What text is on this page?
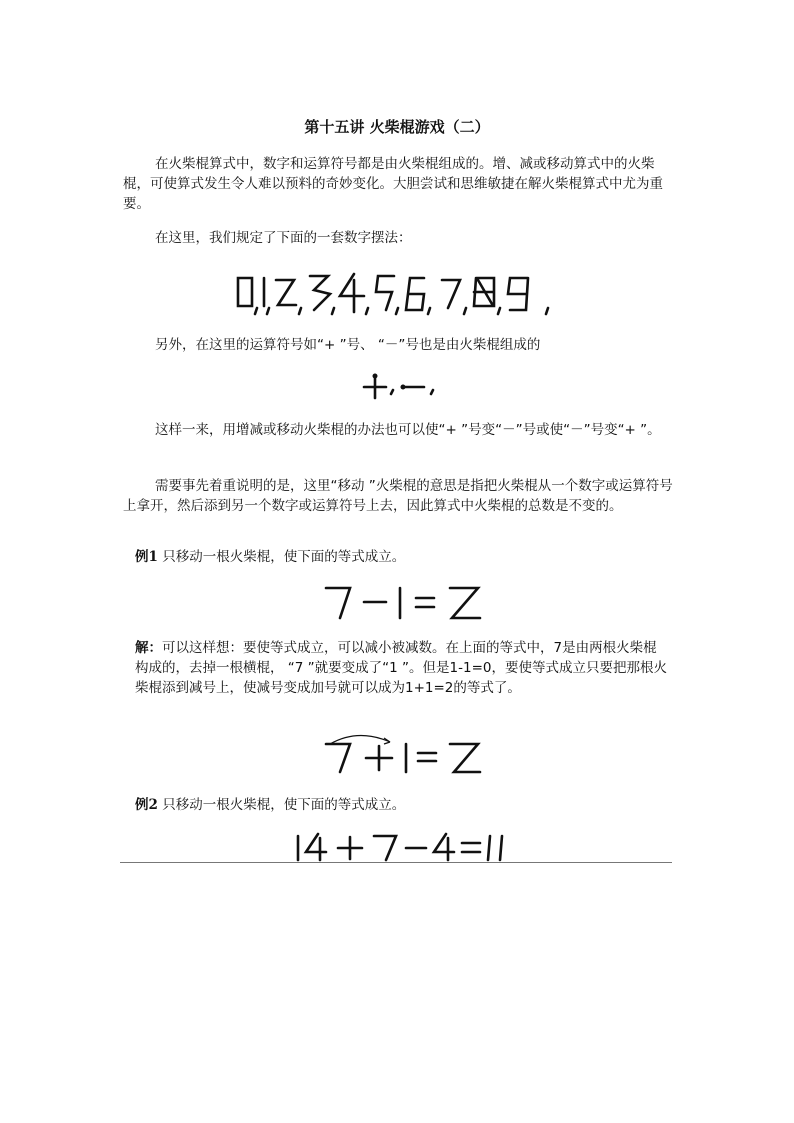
第十五讲 火柴棍游戏（二）

在火柴棍算式中，数字和运算符号都是由火柴棍组成的。增、减或移动算式中的火柴棍，可使算式发生令人难以预料的奇妙变化。大胆尝试和思维敏捷在解火柴棍算式中尤为重要。

在这里，我们规定了下面的一套数字摆法：

另外，在这里的运算符号如“+ ”号、 “－”号也是由火柴棍组成的

这样一来，用增减或移动火柴棍的办法也可以使“+ ”号变“－”号或使“－”号变“+ ”。

需要事先着重说明的是，这里“移动 ”火柴棍的意思是指把火柴棍从一个数字或运算符号上拿开，然后添到另一个数字或运算符号上去，因此算式中火柴棍的总数是不变的。

例1 只移动一根火柴棍，使下面的等式成立。
解：可以这样想：要使等式成立，可以减小被减数。在上面的等式中，7是由两根火柴棍构成的，去掉一根横棍， “7 ”就要变成了“1 ”。但是1-1=0，要使等式成立只要把那根火柴棍添到减号上，使减号变成加号就可以成为1+1=2的等式了。
例2 只移动一根火柴棍，使下面的等式成立。
